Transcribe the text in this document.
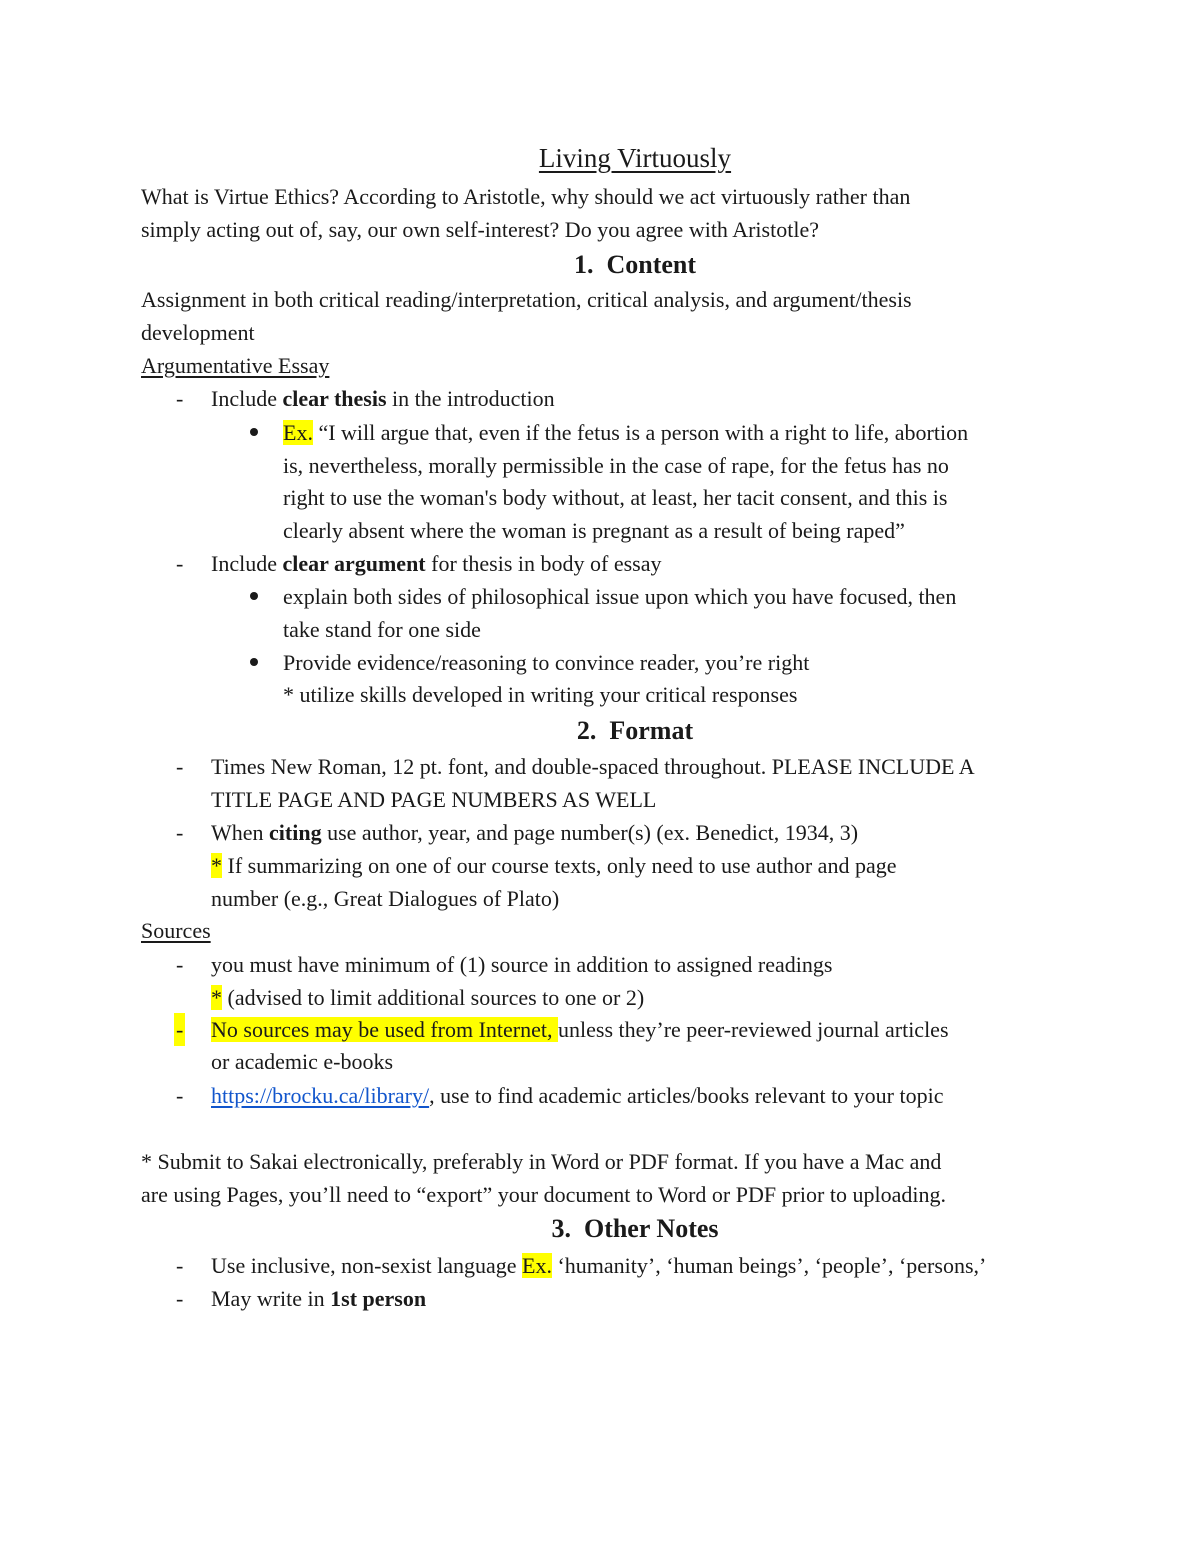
Living Virtuously
What is Virtue Ethics? According to Aristotle, why should we act virtuously rather than
simply acting out of, say, our own self-interest? Do you agree with Aristotle?
1. Content
Assignment in both critical reading/interpretation, critical analysis, and argument/thesis
development
Argumentative Essay
- Include clear thesis in the introduction
Ex. “I will argue that, even if the fetus is a person with a right to life, abortion
is, nevertheless, morally permissible in the case of rape, for the fetus has no
right to use the woman's body without, at least, her tacit consent, and this is
clearly absent where the woman is pregnant as a result of being raped”
- Include clear argument for thesis in body of essay
explain both sides of philosophical issue upon which you have focused, then
take stand for one side
Provide evidence/reasoning to convince reader, you’re right
* utilize skills developed in writing your critical responses
2. Format
- Times New Roman, 12 pt. font, and double-spaced throughout. PLEASE INCLUDE A
TITLE PAGE AND PAGE NUMBERS AS WELL
- When citing use author, year, and page number(s) (ex. Benedict, 1934, 3)
* If summarizing on one of our course texts, only need to use author and page
number (e.g., Great Dialogues of Plato)
Sources
- you must have minimum of (1) source in addition to assigned readings
* (advised to limit additional sources to one or 2)
- No sources may be used from Internet, unless they’re peer-reviewed journal articles
or academic e-books
- https://brocku.ca/library/, use to find academic articles/books relevant to your topic
* Submit to Sakai electronically, preferably in Word or PDF format. If you have a Mac and
are using Pages, you’ll need to “export” your document to Word or PDF prior to uploading.
3. Other Notes
- Use inclusive, non-sexist language Ex. ‘humanity’, ‘human beings’, ‘people’, ‘persons,’
- May write in 1st person
